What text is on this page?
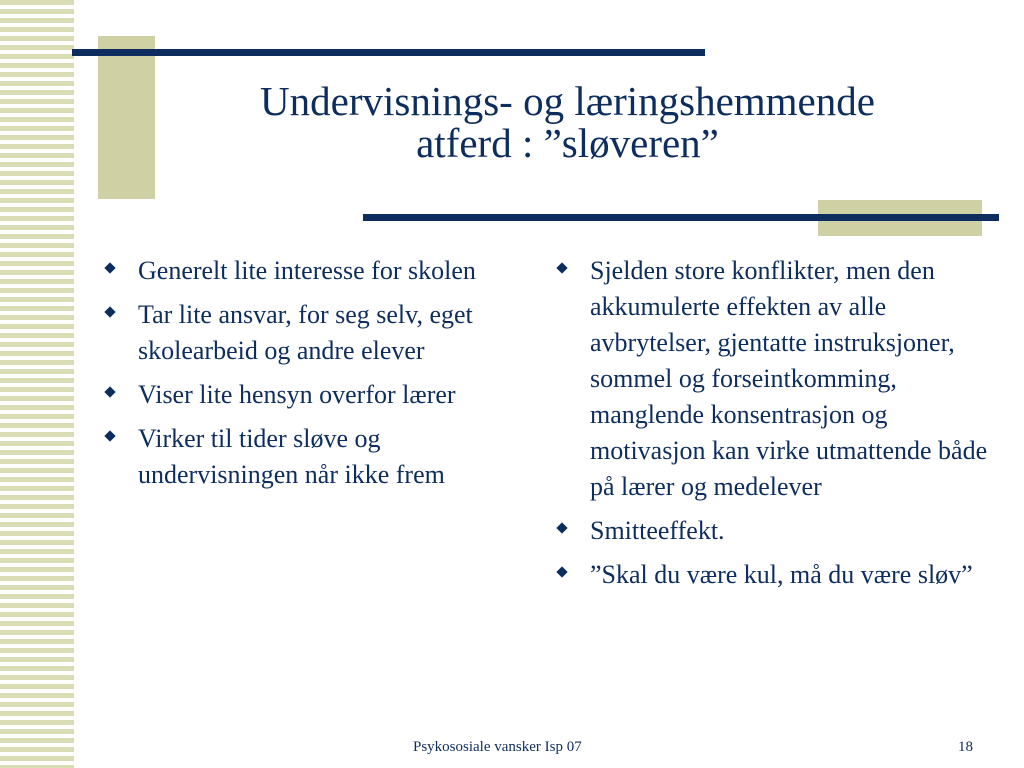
Undervisnings- og læringshemmende
atferd : ”sløveren”
Generelt lite interesse for skolen
Tar lite ansvar, for seg selv, eget skolearbeid og andre elever
Viser lite hensyn overfor lærer
Virker til tider sløve og undervisningen når ikke frem
Sjelden store konflikter, men den akkumulerte effekten av alle avbrytelser, gjentatte instruksjoner, sommel og forseintkomming, manglende konsentrasjon og motivasjon kan virke utmattende både på lærer og medelever
Smitteeffekt.
”Skal du være kul, må du være sløv”
Psykososiale vansker Isp 07	18
